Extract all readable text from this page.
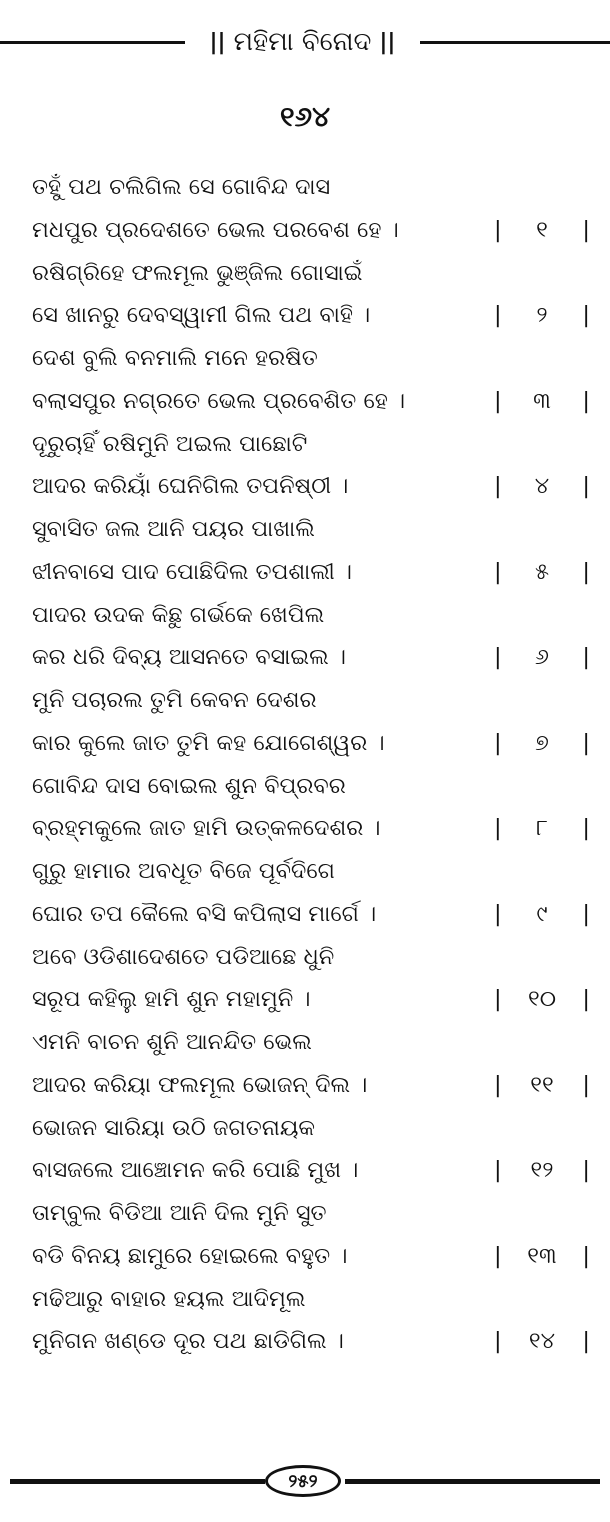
|| ମହିମା ବିନୋଦ ||
୧୬୪
ତହୁଁ ପଥ ଚଲିଗିଲ ସେ ଗୋବିନ୍ଦ ଦାସ
ମଧପୁର ପ୍ରଦେଶତେ ଭେଲ ପରବେଶ ହେ ।	| ୧ |
ରଷିଗ୍ରିହେ ଫଲମୂଲ ଭୁଞ୍ଜିଲ ଗୋସାଇଁ
ସେ ଖାନରୁ ଦେବସ୍ୱାମୀ ଗିଲ ପଥ ବାହି ।	| ୨ |
ଦେଶ ବୁଲି ବନମାଲି ମନେ ହରଷିତ
ବଲାସପୁର ନଗ୍ରତେ ଭେଲ ପ୍ରବେଶିତ ହେ ।	| ୩ |
ଦୂରୁଚାହିଁ ରଷିମୁନି ଅଇଲ ପାଛୋଟି
ଆଦର କରିୟାଁ ଘେନିଗିଲ ତପନିଷ୍ଠୀ ।	| ୪ |
ସୁବାସିତ ଜଲ ଆନି ପୟର ପାଖାଲି
ଝୀନବାସେ ପାଦ ପୋଛିଦିଲ ତପଶାଲୀ ।	| ୫ |
ପାଦର ଉଦକ କିଛୁ ଗର୍ଭକେ ଖେପିଲ
କର ଧରି ଦିବ୍ୟ ଆସନତେ ବସାଇଲ ।	| ୬ |
ମୁନି ପଚାରଲ ତୁମି କେବନ ଦେଶର
କାର କୁଲେ ଜାତ ତୁମି କହ ଯୋଗେଶ୍ୱର ।	| ୭ |
ଗୋବିନ୍ଦ ଦାସ ବୋଇଲ ଶୁନ ବିପ୍ରବର
ବ୍ରହ୍ମକୁଲେ ଜାତ ହାମି ଉତ୍କଳଦେଶର ।	| ୮ |
ଗୁରୁ ହାମାର ଅବଧୂତ ବିଜେ ପୂର୍ବଦିଗେ
ଘୋର ତପ କୈଲେ ବସି କପିଲାସ ମାର୍ଗେ ।	| ୯ |
ଅବେ ଓଡିଶାଦେଶତେ ପଡିଆଛେ ଧୁନି
ସରୂପ କହିଲୁ ହାମି ଶୁନ ମହାମୁନି ।	| ୧୦ |
ଏମନି ବାଚନ ଶୁନି ଆନନ୍ଦିତ ଭେଲ
ଆଦର କରିୟା ଫଲମୂଲ ଭୋଜନ୍ ଦିଲ ।	| ୧୧ |
ଭୋଜନ ସାରିୟା ଉଠି ଜଗତନାୟକ
ବାସଜଲେ ଆଞ୍ଚୋମନ କରି ପୋଛି ମୁଖ ।	| ୧୨ |
ତାମ୍ବୁଲ ବିଡିଆ ଆନି ଦିଲ ମୁନି ସୁତ
ବଡି ବିନୟ ଛାମୁରେ ହୋଇଲେ ବହୁତ ।	| ୧୩ |
ମଢିଆରୁ ବାହାର ହୟଲ ଆଦିମୂଲ
ମୁନିଗନ ଖଣ୍ଡେ ଦୂର ପଥ ଛାଡିଗିଲ ।	| ୧୪ |
୨୫୨
